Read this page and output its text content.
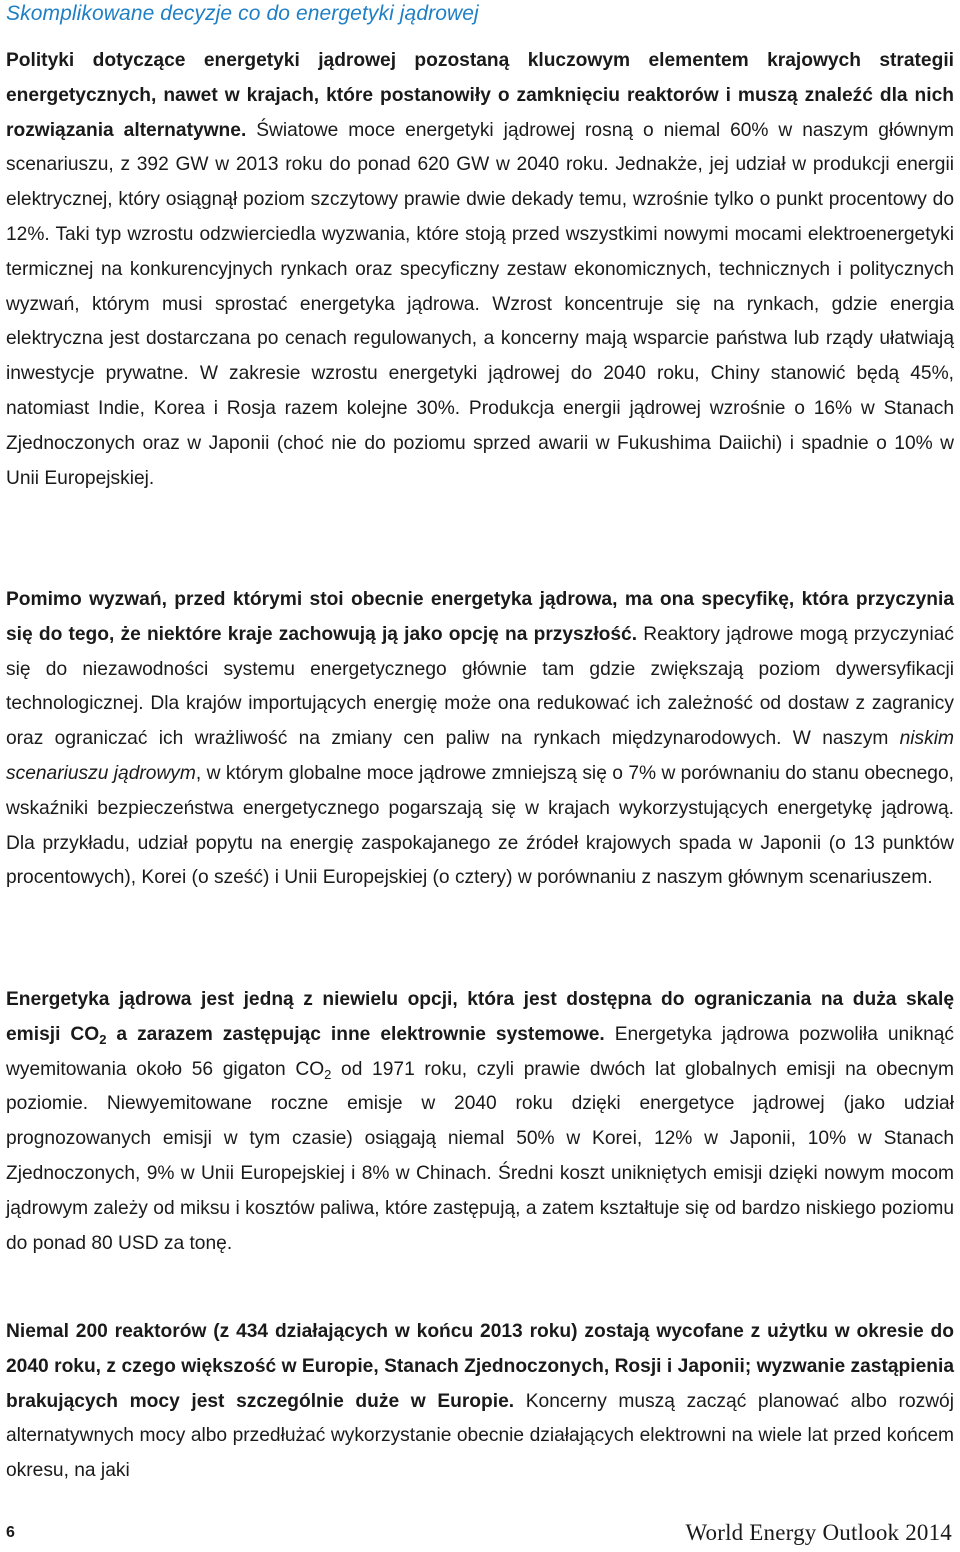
Skomplikowane decyzje co do energetyki jądrowej

Polityki dotyczące energetyki jądrowej pozostaną kluczowym elementem krajowych strategii energetycznych, nawet w krajach, które postanowiły o zamknięciu reaktorów i muszą znaleźć dla nich rozwiązania alternatywne. Światowe moce energetyki jądrowej rosną o niemal 60% w naszym głównym scenariuszu, z 392 GW w 2013 roku do ponad 620 GW w 2040 roku. Jednakże, jej udział w produkcji energii elektrycznej, który osiągnął poziom szczytowy prawie dwie dekady temu, wzrośnie tylko o punkt procentowy do 12%. Taki typ wzrostu odzwierciedla wyzwania, które stoją przed wszystkimi nowymi mocami elektroenergetyki termicznej na konkurencyjnych rynkach oraz specyficzny zestaw ekonomicznych, technicznych i politycznych wyzwań, którym musi sprostać energetyka jądrowa. Wzrost koncentruje się na rynkach, gdzie energia elektryczna jest dostarczana po cenach regulowanych, a koncerny mają wsparcie państwa lub rządy ułatwiają inwestycje prywatne. W zakresie wzrostu energetyki jądrowej do 2040 roku, Chiny stanowić będą 45%, natomiast Indie, Korea i Rosja razem kolejne 30%. Produkcja energii jądrowej wzrośnie o 16% w Stanach Zjednoczonych oraz w Japonii (choć nie do poziomu sprzed awarii w Fukushima Daiichi) i spadnie o 10% w Unii Europejskiej.

Pomimo wyzwań, przed którymi stoi obecnie energetyka jądrowa, ma ona specyfikę, która przyczynia się do tego, że niektóre kraje zachowują ją jako opcję na przyszłość. Reaktory jądrowe mogą przyczyniać się do niezawodności systemu energetycznego głównie tam gdzie zwiększają poziom dywersyfikacji technologicznej. Dla krajów importujących energię może ona redukować ich zależność od dostaw z zagranicy oraz ograniczać ich wrażliwość na zmiany cen paliw na rynkach międzynarodowych. W naszym niskim scenariuszu jądrowym, w którym globalne moce jądrowe zmniejszą się o 7% w porównaniu do stanu obecnego, wskaźniki bezpieczeństwa energetycznego pogarszają się w krajach wykorzystujących energetykę jądrową. Dla przykładu, udział popytu na energię zaspokajanego ze źródeł krajowych spada w Japonii (o 13 punktów procentowych), Korei (o sześć) i Unii Europejskiej (o cztery) w porównaniu z naszym głównym scenariuszem.

Energetyka jądrowa jest jedną z niewielu opcji, która jest dostępna do ograniczania na duża skalę emisji $CO_2$ a zarazem zastępując inne elektrownie systemowe. Energetyka jądrowa pozwoliła uniknąć wyemitowania około 56 gigaton $CO_2$ od 1971 roku, czyli prawie dwóch lat globalnych emisji na obecnym poziomie. Niewyemitowane roczne emisje w 2040 roku dzięki energetyce jądrowej (jako udział prognozowanych emisji w tym czasie) osiągają niemal 50% w Korei, 12% w Japonii, 10% w Stanach Zjednoczonych, 9% w Unii Europejskiej i 8% w Chinach. Średni koszt unikniętych emisji dzięki nowym mocom jądrowym zależy od miksu i kosztów paliwa, które zastępują, a zatem kształtuje się od bardzo niskiego poziomu do ponad 80 USD za tonę.

Niemal 200 reaktorów (z 434 działających w końcu 2013 roku) zostają wycofane z użytku w okresie do 2040 roku, z czego większość w Europie, Stanach Zjednoczonych, Rosji i Japonii; wyzwanie zastąpienia brakujących mocy jest szczególnie duże w Europie. Koncerny muszą zacząć planować albo rozwój alternatywnych mocy albo przedłużać wykorzystanie obecnie działających elektrowni na wiele lat przed końcem okresu, na jaki

6	World Energy Outlook 2014
